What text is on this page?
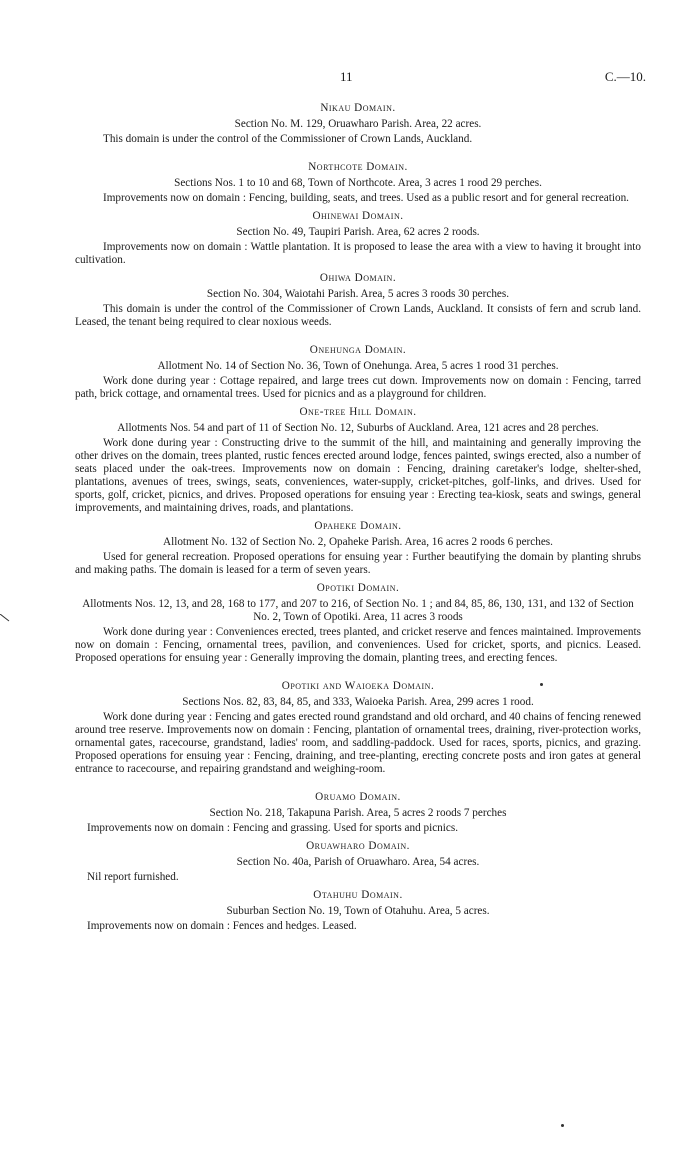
11	C.—10.
Nikau Domain.
Section No. M. 129, Oruawharo Parish. Area, 22 acres.
This domain is under the control of the Commissioner of Crown Lands, Auckland.
Northcote Domain.
Sections Nos. 1 to 10 and 68, Town of Northcote. Area, 3 acres 1 rood 29 perches.
Improvements now on domain : Fencing, building, seats, and trees. Used as a public resort and for general recreation.
Ohinewai Domain.
Section No. 49, Taupiri Parish. Area, 62 acres 2 roods.
Improvements now on domain : Wattle plantation. It is proposed to lease the area with a view to having it brought into cultivation.
Ohiwa Domain.
Section No. 304, Waiotahi Parish. Area, 5 acres 3 roods 30 perches.
This domain is under the control of the Commissioner of Crown Lands, Auckland. It consists of fern and scrub land. Leased, the tenant being required to clear noxious weeds.
Onehunga Domain.
Allotment No. 14 of Section No. 36, Town of Onehunga. Area, 5 acres 1 rood 31 perches.
Work done during year : Cottage repaired, and large trees cut down. Improvements now on domain : Fencing, tarred path, brick cottage, and ornamental trees. Used for picnics and as a playground for children.
One-tree Hill Domain.
Allotments Nos. 54 and part of 11 of Section No. 12, Suburbs of Auckland. Area, 121 acres and 28 perches.
Work done during year : Constructing drive to the summit of the hill, and maintaining and generally improving the other drives on the domain, trees planted, rustic fences erected around lodge, fences painted, swings erected, also a number of seats placed under the oak-trees. Improvements now on domain : Fencing, draining caretaker's lodge, shelter-shed, plantations, avenues of trees, swings, seats, conveniences, water-supply, cricket-pitches, golf-links, and drives. Used for sports, golf, cricket, picnics, and drives. Proposed operations for ensuing year : Erecting tea-kiosk, seats and swings, general improvements, and maintaining drives, roads, and plantations.
Opaheke Domain.
Allotment No. 132 of Section No. 2, Opaheke Parish. Area, 16 acres 2 roods 6 perches.
Used for general recreation. Proposed operations for ensuing year : Further beautifying the domain by planting shrubs and making paths. The domain is leased for a term of seven years.
Opotiki Domain.
Allotments Nos. 12, 13, and 28, 168 to 177, and 207 to 216, of Section No. 1 ; and 84, 85, 86, 130, 131, and 132 of Section No. 2, Town of Opotiki. Area, 11 acres 3 roods
Work done during year : Conveniences erected, trees planted, and cricket reserve and fences maintained. Improvements now on domain : Fencing, ornamental trees, pavilion, and conveniences. Used for cricket, sports, and picnics. Leased. Proposed operations for ensuing year : Generally improving the domain, planting trees, and erecting fences.
Opotiki and Waioeka Domain.
Sections Nos. 82, 83, 84, 85, and 333, Waioeka Parish. Area, 299 acres 1 rood.
Work done during year : Fencing and gates erected round grandstand and old orchard, and 40 chains of fencing renewed around tree reserve. Improvements now on domain : Fencing, plantation of ornamental trees, draining, river-protection works, ornamental gates, racecourse, grandstand, ladies' room, and saddling-paddock. Used for races, sports, picnics, and grazing. Proposed operations for ensuing year : Fencing, draining, and tree-planting, erecting concrete posts and iron gates at general entrance to racecourse, and repairing grandstand and weighing-room.
Oruamo Domain.
Section No. 218, Takapuna Parish. Area, 5 acres 2 roods 7 perches
Improvements now on domain : Fencing and grassing. Used for sports and picnics.
Oruawharo Domain.
Section No. 40a, Parish of Oruawharo. Area, 54 acres.
Nil report furnished.
Otahuhu Domain.
Suburban Section No. 19, Town of Otahuhu. Area, 5 acres.
Improvements now on domain : Fences and hedges. Leased.
